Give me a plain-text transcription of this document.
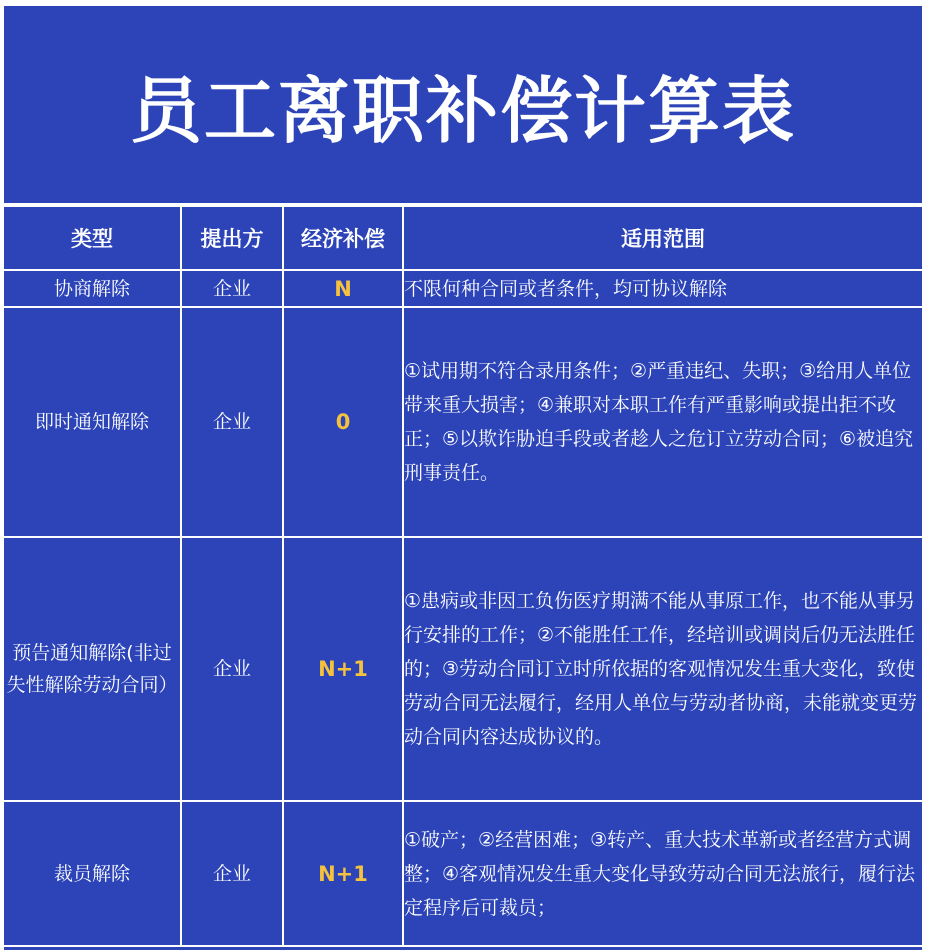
员工离职补偿计算表
类型	提出方	经济补偿	适用范围
协商解除	企业	N	不限何种合同或者条件，均可协议解除
即时通知解除	企业	0	①试用期不符合录用条件；②严重违纪、失职；③给用人单位带来重大损害；④兼职对本职工作有严重影响或提出拒不改正；⑤以欺诈胁迫手段或者趁人之危订立劳动合同；⑥被追究刑事责任。
预告通知解除(非过失性解除劳动合同）	企业	N+1	①患病或非因工负伤医疗期满不能从事原工作，也不能从事另行安排的工作；②不能胜任工作，经培训或调岗后仍无法胜任的；③劳动合同订立时所依据的客观情况发生重大变化，致使劳动合同无法履行，经用人单位与劳动者协商，未能就变更劳动合同内容达成协议的。
裁员解除	企业	N+1	①破产；②经营困难；③转产、重大技术革新或者经营方式调整；④客观情况发生重大变化导致劳动合同无法旅行，履行法定程序后可裁员；
